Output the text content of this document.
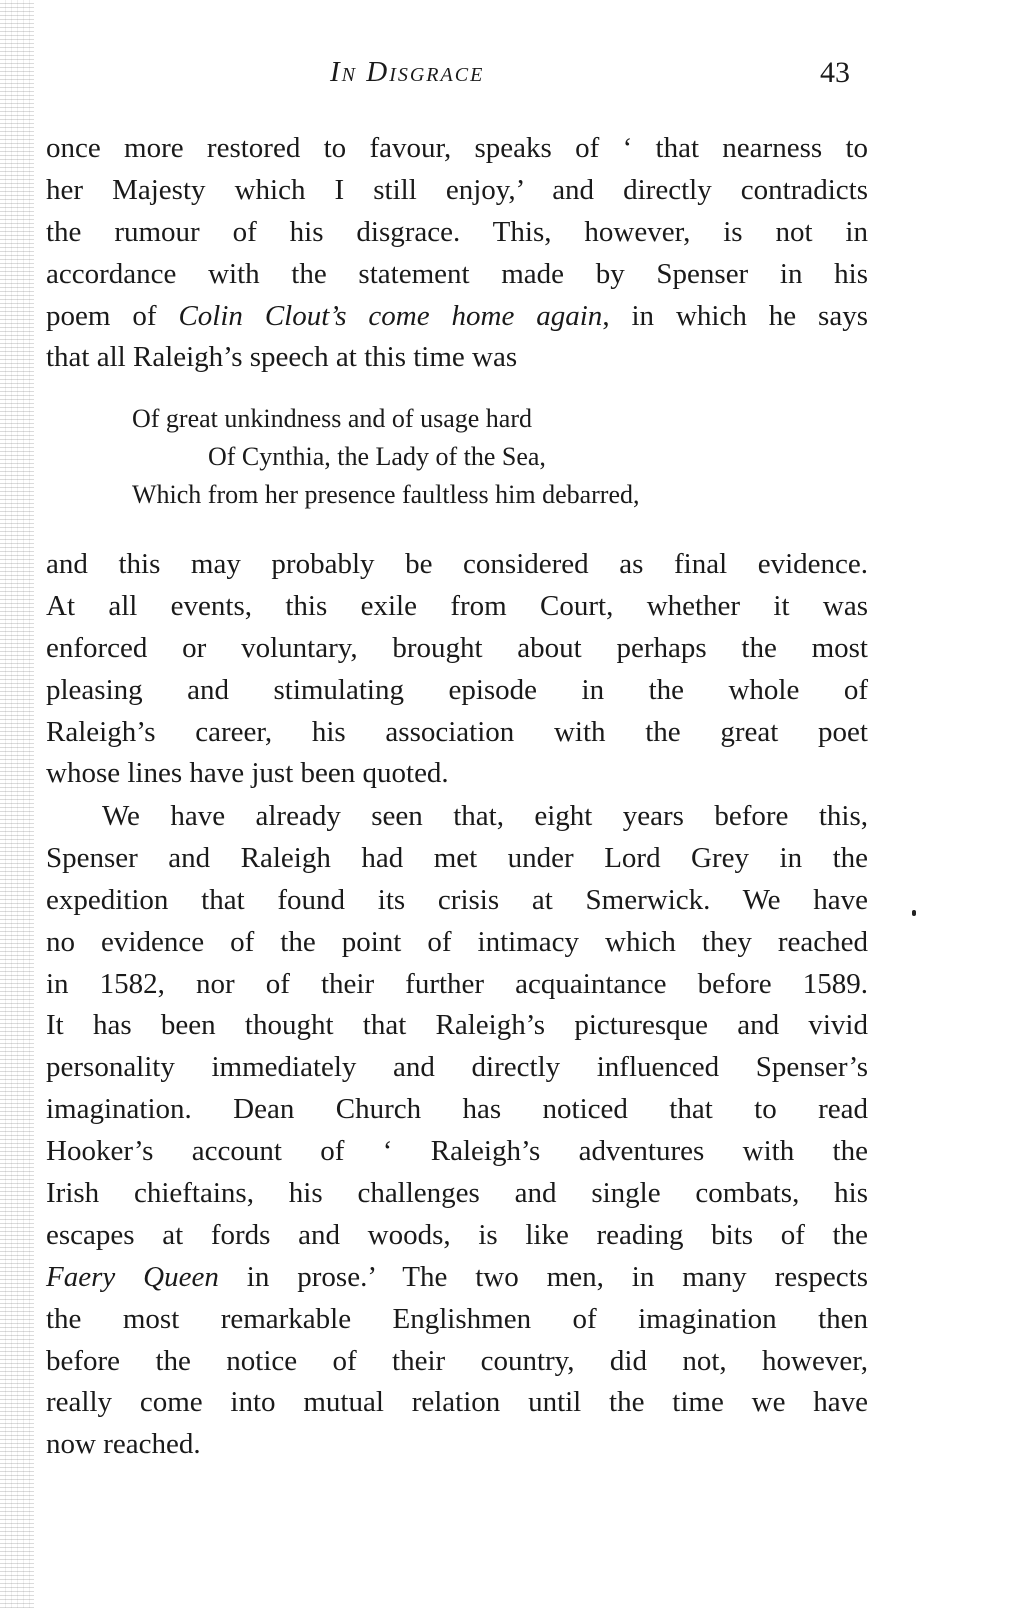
In Disgrace	43
once more restored to favour, speaks of ‘ that nearness to
her Majesty which I still enjoy,’ and directly contradicts
the rumour of his disgrace. This, however, is not in
accordance with the statement made by Spenser in his
poem of Colin Clout’s come home again, in which he says
that all Raleigh’s speech at this time was
Of great unkindness and of usage hard
Of Cynthia, the Lady of the Sea,
Which from her presence faultless him debarred,
and this may probably be considered as final evidence.
At all events, this exile from Court, whether it was
enforced or voluntary, brought about perhaps the most
pleasing and stimulating episode in the whole of
Raleigh’s career, his association with the great poet
whose lines have just been quoted.
We have already seen that, eight years before this,
Spenser and Raleigh had met under Lord Grey in the
expedition that found its crisis at Smerwick. We have
no evidence of the point of intimacy which they reached
in 1582, nor of their further acquaintance before 1589.
It has been thought that Raleigh’s picturesque and vivid
personality immediately and directly influenced Spenser’s
imagination. Dean Church has noticed that to read
Hooker’s account of ‘ Raleigh’s adventures with the
Irish chieftains, his challenges and single combats, his
escapes at fords and woods, is like reading bits of the
Faery Queen in prose.’ The two men, in many respects
the most remarkable Englishmen of imagination then
before the notice of their country, did not, however,
really come into mutual relation until the time we have
now reached.
